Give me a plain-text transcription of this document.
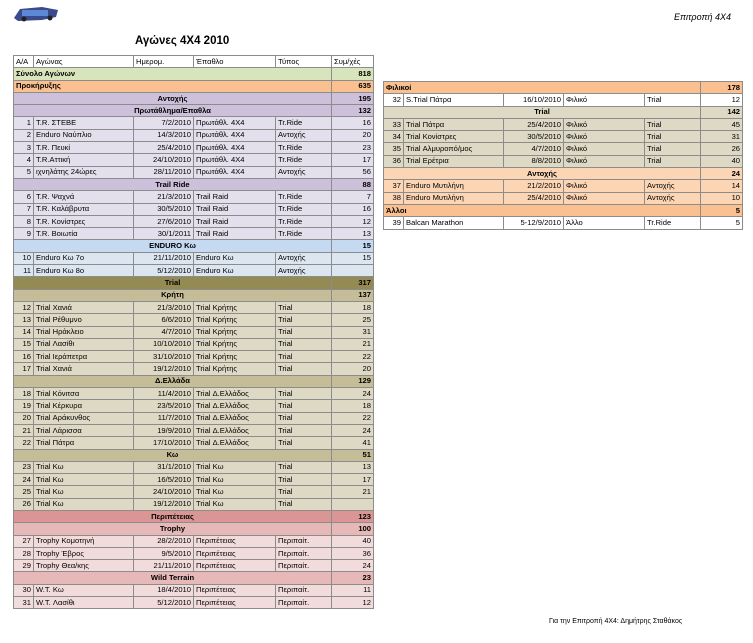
Επιτροπή 4Χ4
Αγώνες 4Χ4 2010
Α/Α	Αγώνας	Ημερομ.	Έπαθλο	Τύπος	Συμ/χές
Σύνολο Αγώνων					818
Προκήρυξης					635
Αντοχής					195
Πρωτάθλημα/Επαθλα					132
1	T.R. ΣΤΕΒΕ	7/2/2010	Πρωτάθλ. 4Χ4	Tr.Ride	16
2	Enduro Ναύπλιο	14/3/2010	Πρωτάθλ. 4Χ4	Αντοχής	20
3	T.R. Πευκί	25/4/2010	Πρωτάθλ. 4Χ4	Tr.Ride	23
4	T.R.Αττική	24/10/2010	Πρωτάθλ. 4Χ4	Tr.Ride	17
5	ιχνηλάτης 24ώρες	28/11/2010	Πρωτάθλ. 4Χ4	Αντοχής	56
Trail Ride					88
6	T.R. Ψαχνά	21/3/2010	Trail Raid	Tr.Ride	7
7	T.R. Καλάβρυτα	30/5/2010	Trail Raid	Tr.Ride	16
8	T.R. Κονίστρες	27/6/2010	Trail Raid	Tr.Ride	12
9	T.R. Βοιωτία	30/1/2011	Trail Raid	Tr.Ride	13
ENDURO Κω					15
10	Enduro Κω 7ο	21/11/2010	Enduro Κω	Αντοχής	15
11	Enduro Κω 8ο	5/12/2010	Enduro Κω	Αντοχής	
Trial					317
Κρήτη					137
12	Trial Χανιά	21/3/2010	Trial Κρήτης	Trial	18
13	Trial Ρέθυμνο	6/6/2010	Trial Κρήτης	Trial	25
14	Trial Ηράκλειο	4/7/2010	Trial Κρήτης	Trial	31
15	Trial Λασίθι	10/10/2010	Trial Κρήτης	Trial	21
16	Trial Ιεράπετρα	31/10/2010	Trial Κρήτης	Trial	22
17	Trial Χανιά	19/12/2010	Trial Κρήτης	Trial	20
Δ.Ελλάδα					129
18	Trial Κόνιτσα	11/4/2010	Trial Δ.Ελλάδος	Trial	24
19	Trial Κέρκυρα	23/5/2010	Trial Δ.Ελλάδος	Trial	18
20	Trial Αράκυνθος	11/7/2010	Trial Δ.Ελλάδος	Trial	22
21	Trial Λάρισσα	19/9/2010	Trial Δ.Ελλάδος	Trial	24
22	Trial Πάτρα	17/10/2010	Trial Δ.Ελλάδος	Trial	41
Κω					51
23	Trial Κω	31/1/2010	Trial Κω	Trial	13
24	Trial Κω	16/5/2010	Trial Κω	Trial	17
25	Trial Κω	24/10/2010	Trial Κω	Trial	21
26	Trial Κω	19/12/2010	Trial Κω	Trial	
Περιπέτειας					123
Trophy					100
27	Trophy Κομοτηνή	28/2/2010	Περιπέτειας	Περιπαίτ.	40
28	Trophy Έβρος	9/5/2010	Περιπέτειας	Περιπαίτ.	36
29	Trophy Θεα/κης	21/11/2010	Περιπέτειας	Περιπαίτ.	24
Wild Terrain					23
30	W.T. Κω	18/4/2010	Περιπέτειας	Περιπαίτ.	11
31	W.T. Λασίθι	5/12/2010	Περιπέτειας	Περιπαίτ.	12
Φιλικοί					178
32	S.Trial Πάτρα	16/10/2010	Φιλικό	Trial	12
Trial					142
33	Trial Πάτρα	25/4/2010	Φιλικό	Trial	45
34	Trial Κονίστρες	30/5/2010	Φιλικό	Trial	31
35	Trial Αλμυροπό/μος	4/7/2010	Φιλικό	Trial	26
36	Trial Ερέτρια	8/8/2010	Φιλικό	Trial	40
Αντοχής					24
37	Enduro Μυτιλήνη	21/2/2010	Φιλικό	Αντοχής	14
38	Enduro Μυτιλήνη	25/4/2010	Φιλικό	Αντοχής	10
Άλλοι					5
39	Balcan Marathon	5-12/9/2010	Άλλο	Tr.Ride	5
Για την Επιτροπή 4Χ4: Δημήτρης Σταθάκος
